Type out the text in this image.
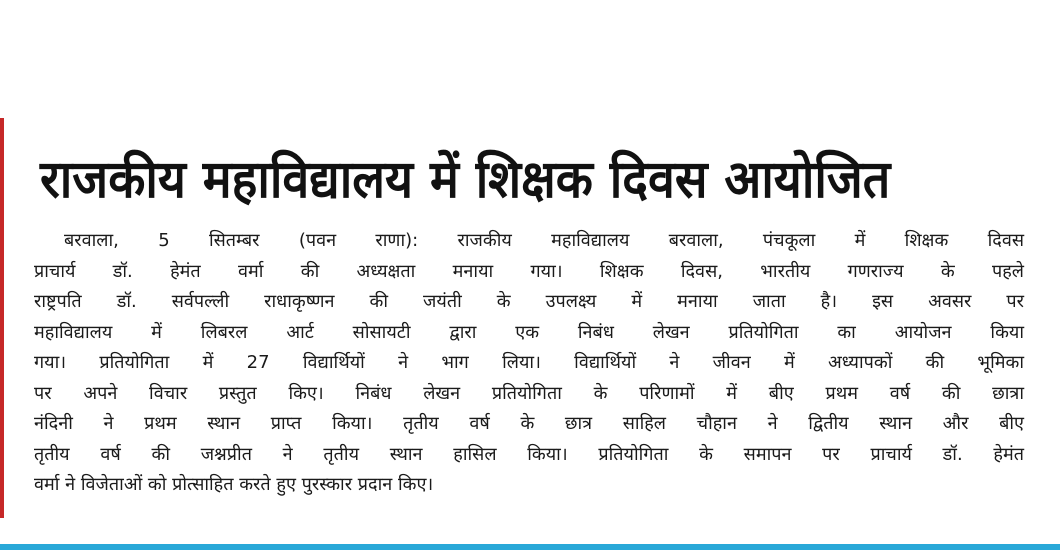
राजकीय महाविद्यालय में शिक्षक दिवस आयोजित
बरवाला, 5 सितम्बर (पवन राणा): राजकीय महाविद्यालय बरवाला, पंचकूला में शिक्षक दिवस
प्राचार्य डॉ. हेमंत वर्मा की अध्यक्षता मनाया गया। शिक्षक दिवस, भारतीय गणराज्य के पहले
राष्ट्रपति डॉ. सर्वपल्ली राधाकृष्णन की जयंती के उपलक्ष्य में मनाया जाता है। इस अवसर पर
महाविद्यालय में लिबरल आर्ट सोसायटी द्वारा एक निबंध लेखन प्रतियोगिता का आयोजन किया
गया। प्रतियोगिता में 27 विद्यार्थियों ने भाग लिया। विद्यार्थियों ने जीवन में अध्यापकों की भूमिका
पर अपने विचार प्रस्तुत किए। निबंध लेखन प्रतियोगिता के परिणामों में बीए प्रथम वर्ष की छात्रा
नंदिनी ने प्रथम स्थान प्राप्त किया। तृतीय वर्ष के छात्र साहिल चौहान ने द्वितीय स्थान और बीए
तृतीय वर्ष की जश्नप्रीत ने तृतीय स्थान हासिल किया। प्रतियोगिता के समापन पर प्राचार्य डॉ. हेमंत
वर्मा ने विजेताओं को प्रोत्साहित करते हुए पुरस्कार प्रदान किए।
